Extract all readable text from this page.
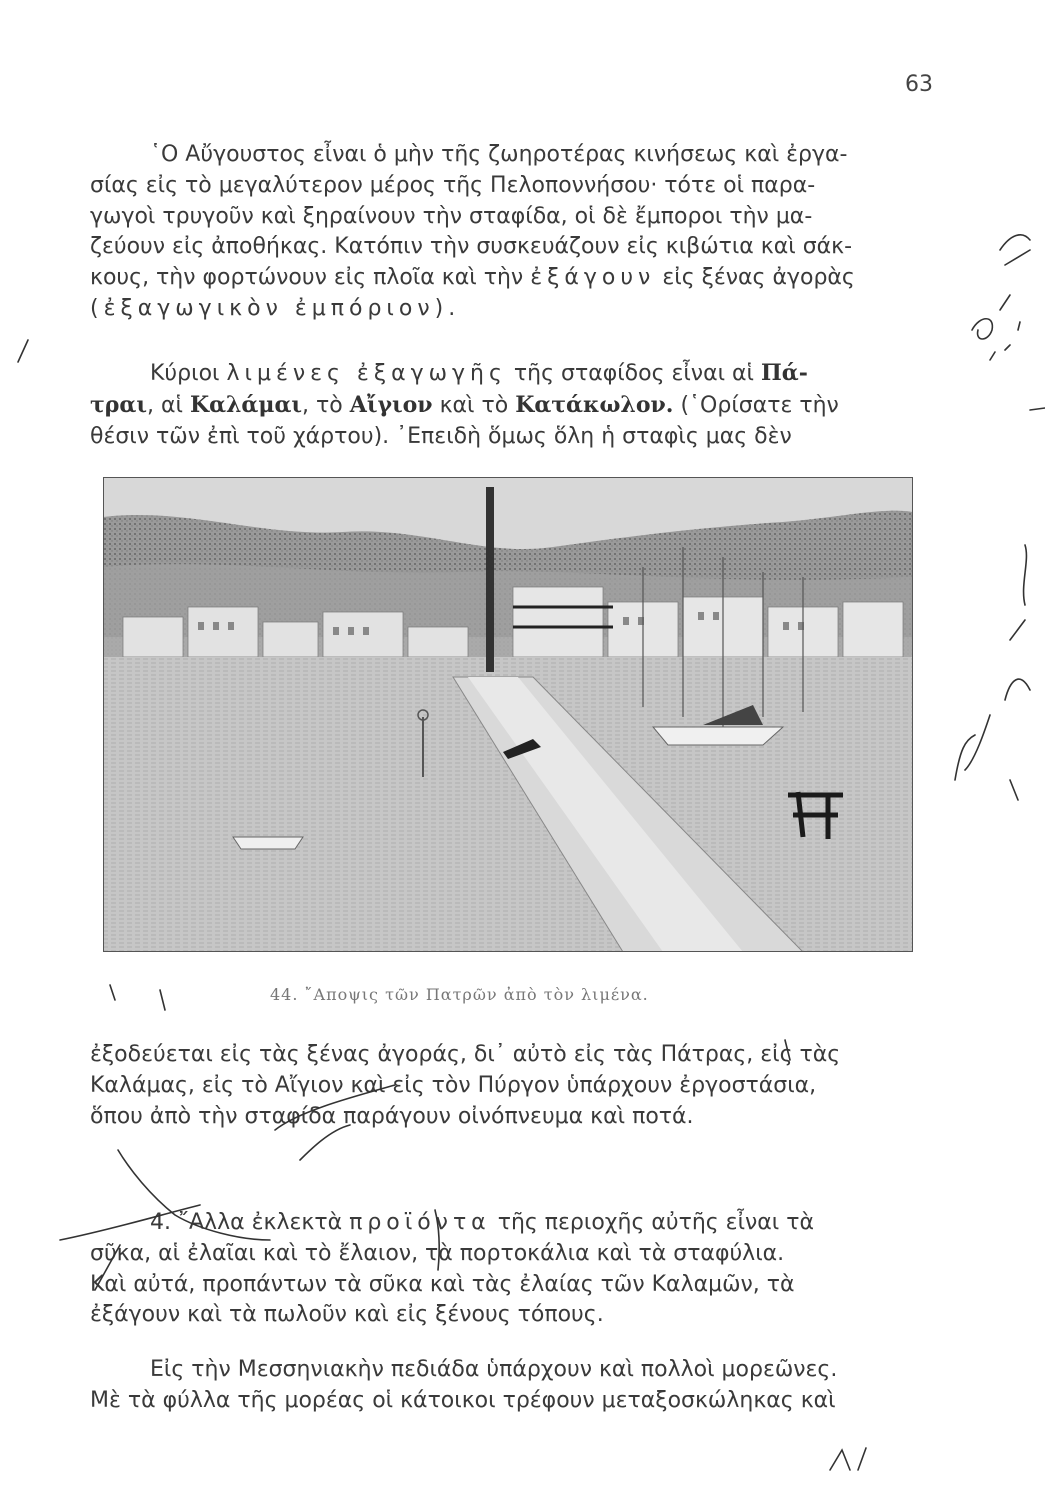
63
῾Ο Αὔγουστος εἶναι ὁ μὴν τῆς ζωηροτέρας κινήσεως καὶ ἐργα-
σίας εἰς τὸ μεγαλύτερον μέρος τῆς Πελοποννήσου· τότε οἱ παρα-
γωγοὶ τρυγοῦν καὶ ξηραίνουν τὴν σταφίδα, οἱ δὲ ἔμποροι τὴν μα-
ζεύουν εἰς ἀποθήκας. Κατόπιν τὴν συσκευάζουν εἰς κιβώτια καὶ σάκ-
κους, τὴν φορτώνουν εἰς πλοῖα καὶ τὴν ἐξάγουν εἰς ξένας ἀγορὰς
(ἐξαγωγικὸν ἐμπόριον).
Κύριοι λιμένες ἐξαγωγῆς τῆς σταφίδος εἶναι αἱ Πά-
τραι, αἱ Καλάμαι, τὸ Αἴγιον καὶ τὸ Κατάκωλον. (῾Ορίσατε τὴν
θέσιν τῶν ἐπὶ τοῦ χάρτου). ᾿Επειδὴ ὅμως ὅλη ἡ σταφὶς μας δὲν
44. ῎Αποψις τῶν Πατρῶν ἀπὸ τὸν λιμένα.
ἐξοδεύεται εἰς τὰς ξένας ἀγοράς, δι᾿ αὐτὸ εἰς τὰς Πάτρας, εἰς τὰς
Καλάμας, εἰς τὸ Αἴγιον καὶ εἰς τὸν Πύργον ὑπάρχουν ἐργοστάσια,
ὅπου ἀπὸ τὴν σταφίδα παράγουν οἰνόπνευμα καὶ ποτά.
4. ῎Αλλα ἐκλεκτὰ προϊόντα τῆς περιοχῆς αὐτῆς εἶναι τὰ
σῦκα, αἱ ἐλαῖαι καὶ τὸ ἔλαιον, τὰ πορτοκάλια καὶ τὰ σταφύλια.
Καὶ αὐτά, προπάντων τὰ σῦκα καὶ τὰς ἐλαίας τῶν Καλαμῶν, τὰ
ἐξάγουν καὶ τὰ πωλοῦν καὶ εἰς ξένους τόπους.
Εἰς τὴν Μεσσηνιακὴν πεδιάδα ὑπάρχουν καὶ πολλοὶ μορεῶνες.
Μὲ τὰ φύλλα τῆς μορέας οἱ κάτοικοι τρέφουν μεταξοσκώληκας καὶ
